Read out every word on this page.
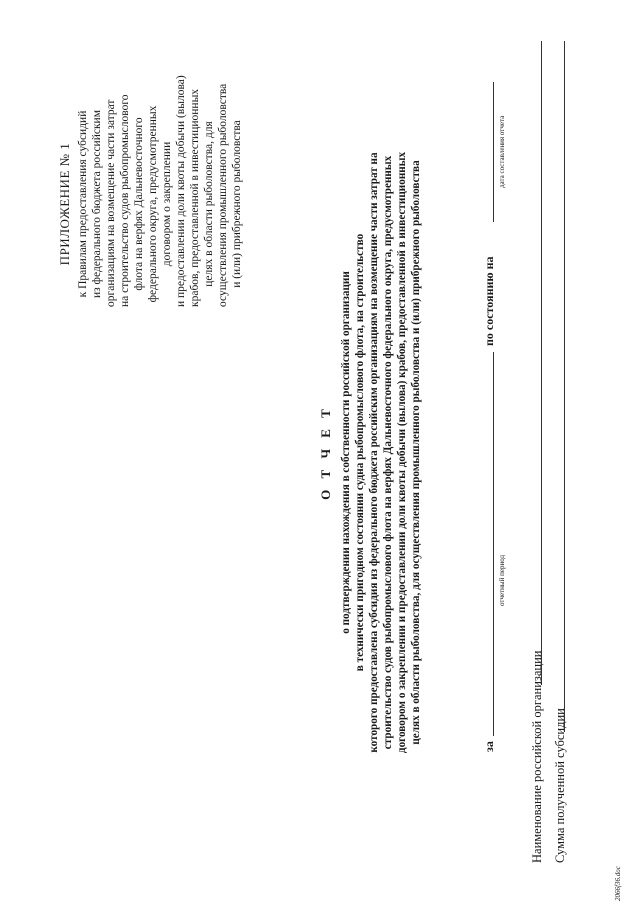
ПРИЛОЖЕНИЕ № 1 к Правилам предоставления субсидий из федерального бюджета российским организациям на возмещение части затрат на строительство судов рыбопромыслового флота на верфях Дальневосточного федерального округа, предусмотренных договором о закреплении и предоставлении доли квоты добычи (вылова) крабов, предоставленной в инвестиционных целях в области рыболовства, для осуществления промышленного рыболовства и (или) прибрежного рыболовства
О Т Ч Е Т о подтверждении нахождения в собственности российской организации в технически пригодном состоянии судна рыбопромыслового флота, на строительство которого предоставлена субсидия из федерального бюджета российским организациям на возмещение части затрат на строительство судов рыбопромыслового флота на верфях Дальневосточного федерального округа, предусмотренных договором о закреплении и предоставлении доли квоты добычи (вылова) крабов, предоставленной в инвестиционных целях в области рыболовства, для осуществления промышленного рыболовства и (или) прибрежного рыболовства
за
отчетный период
по состоянию на
дата составления отчета
Наименование российской организации Сумма полученной субсидии
2066f36.doc
